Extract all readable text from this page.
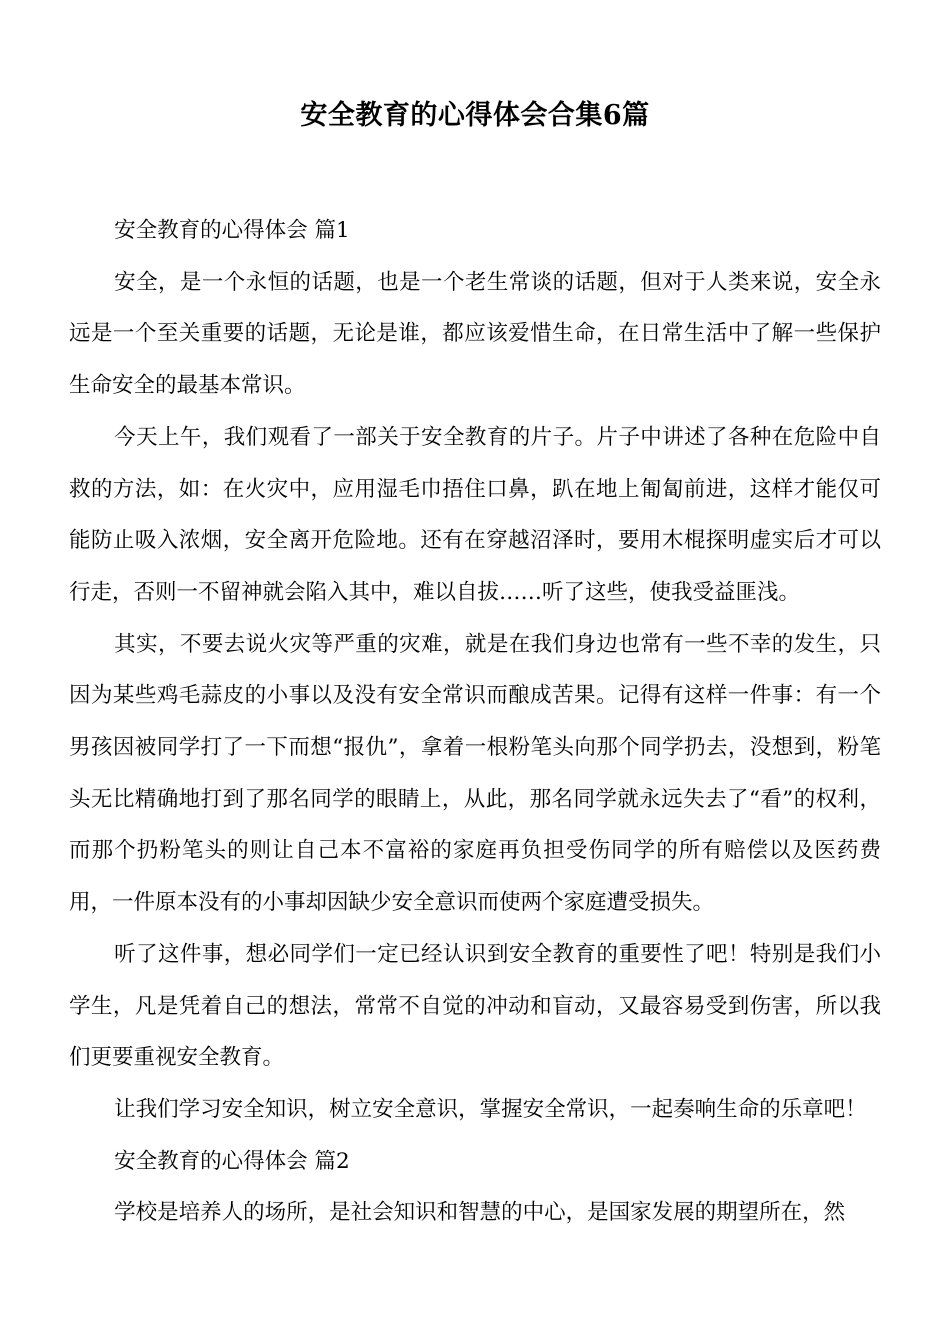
安全教育的心得体会合集6篇

安全教育的心得体会 篇1

安全，是一个永恒的话题，也是一个老生常谈的话题，但对于人类来说，安全永远是一个至关重要的话题，无论是谁，都应该爱惜生命，在日常生活中了解一些保护生命安全的最基本常识。

今天上午，我们观看了一部关于安全教育的片子。片子中讲述了各种在危险中自救的方法，如：在火灾中，应用湿毛巾捂住口鼻，趴在地上匍匐前进，这样才能仅可能防止吸入浓烟，安全离开危险地。还有在穿越沼泽时，要用木棍探明虚实后才可以行走，否则一不留神就会陷入其中，难以自拔……听了这些，使我受益匪浅。

其实，不要去说火灾等严重的灾难，就是在我们身边也常有一些不幸的发生，只因为某些鸡毛蒜皮的小事以及没有安全常识而酿成苦果。记得有这样一件事：有一个男孩因被同学打了一下而想“报仇”，拿着一根粉笔头向那个同学扔去，没想到，粉笔头无比精确地打到了那名同学的眼睛上，从此，那名同学就永远失去了“看”的权利，而那个扔粉笔头的则让自己本不富裕的家庭再负担受伤同学的所有赔偿以及医药费用，一件原本没有的小事却因缺少安全意识而使两个家庭遭受损失。

听了这件事，想必同学们一定已经认识到安全教育的重要性了吧！特别是我们小学生，凡是凭着自己的想法，常常不自觉的冲动和盲动，又最容易受到伤害，所以我们更要重视安全教育。

让我们学习安全知识，树立安全意识，掌握安全常识，一起奏响生命的乐章吧！

安全教育的心得体会 篇2

学校是培养人的场所，是社会知识和智慧的中心，是国家发展的期望所在，然
